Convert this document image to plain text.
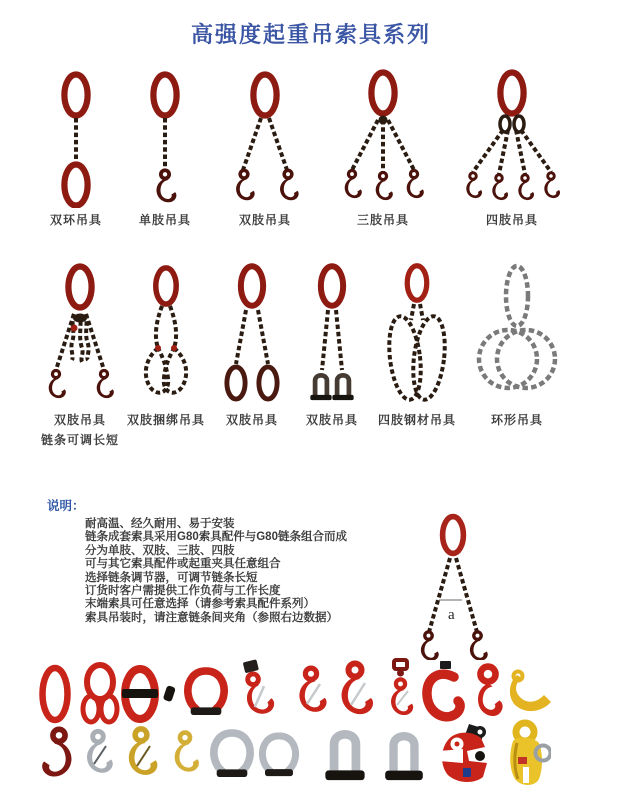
高强度起重吊索具系列
双环吊具	单肢吊具	双肢吊具	三肢吊具	四肢吊具
双肢吊具
链条可调长短
双肢捆绑吊具	双肢吊具	双肢吊具	四肢钢材吊具	环形吊具
说明：
耐高温、经久耐用、易于安装
链条成套索具采用G80索具配件与G80链条组合而成
分为单肢、双肢、三肢、四肢
可与其它索具配件或起重夹具任意组合
选择链条调节器，可调节链条长短
订货时客户需提供工作负荷与工作长度
末端索具可任意选择（请参考索具配件系列）
索具吊装时，请注意链条间夹角（参照右边数据）	a
